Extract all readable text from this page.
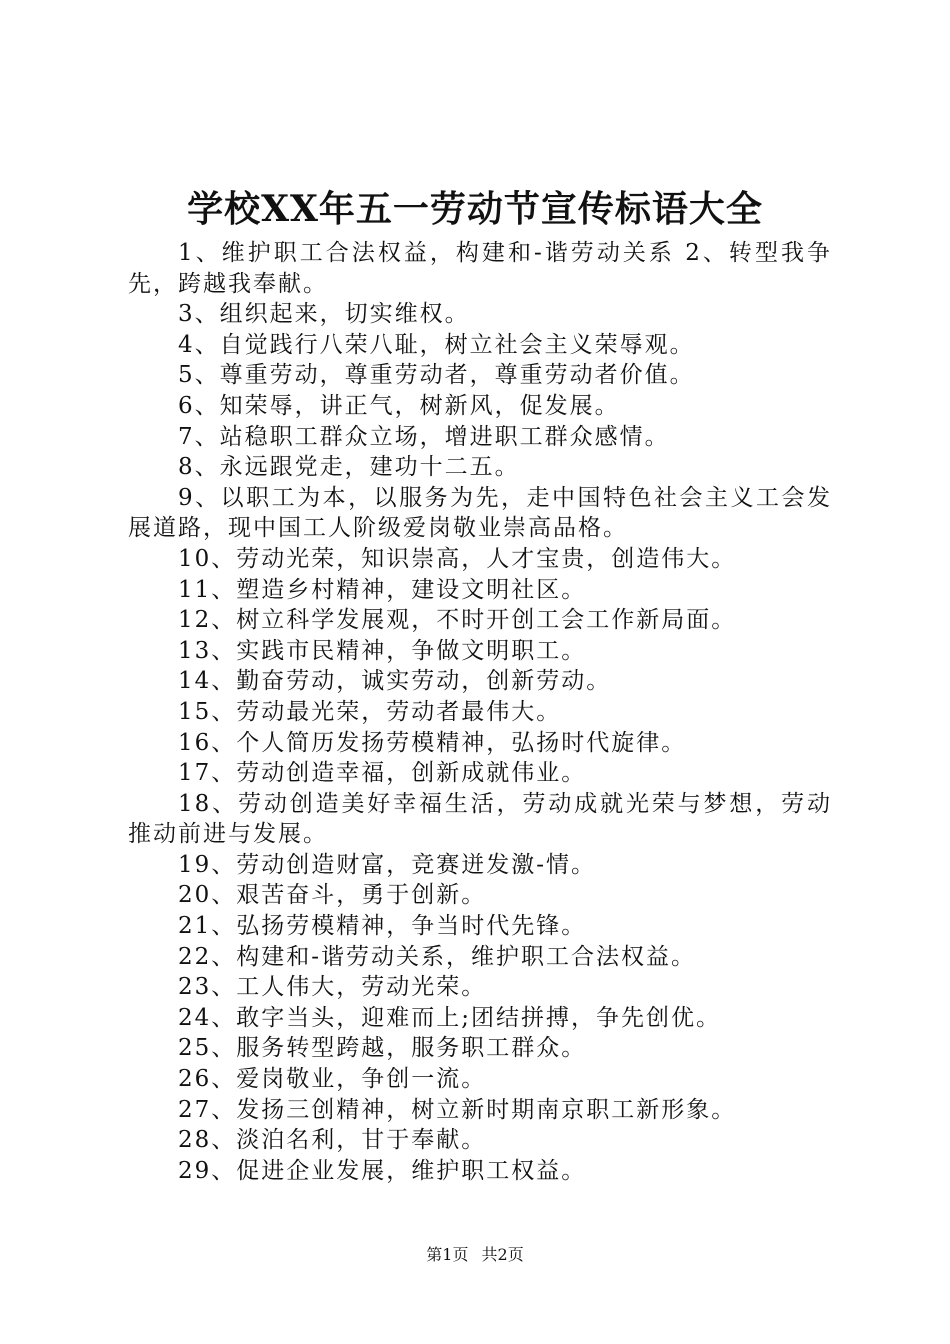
学校XX年五一劳动节宣传标语大全

1、维护职工合法权益，构建和-谐劳动关系 2、转型我争先，跨越我奉献。

3、组织起来，切实维权。

4、自觉践行八荣八耻，树立社会主义荣辱观。

5、尊重劳动，尊重劳动者，尊重劳动者价值。

6、知荣辱，讲正气，树新风，促发展。

7、站稳职工群众立场，增进职工群众感情。

8、永远跟党走，建功十二五。

9、以职工为本，以服务为先，走中国特色社会主义工会发展道路，现中国工人阶级爱岗敬业崇高品格。

10、劳动光荣，知识崇高，人才宝贵，创造伟大。

11、塑造乡村精神，建设文明社区。

12、树立科学发展观，不时开创工会工作新局面。

13、实践市民精神，争做文明职工。

14、勤奋劳动，诚实劳动，创新劳动。

15、劳动最光荣，劳动者最伟大。

16、个人简历发扬劳模精神，弘扬时代旋律。

17、劳动创造幸福，创新成就伟业。

18、劳动创造美好幸福生活，劳动成就光荣与梦想，劳动推动前进与发展。

19、劳动创造财富，竞赛迸发激-情。

20、艰苦奋斗，勇于创新。

21、弘扬劳模精神，争当时代先锋。

22、构建和-谐劳动关系，维护职工合法权益。

23、工人伟大，劳动光荣。

24、敢字当头，迎难而上;团结拼搏，争先创优。

25、服务转型跨越，服务职工群众。

26、爱岗敬业，争创一流。

27、发扬三创精神，树立新时期南京职工新形象。

28、淡泊名利，甘于奉献。

29、促进企业发展，维护职工权益。

第1页 共2页
